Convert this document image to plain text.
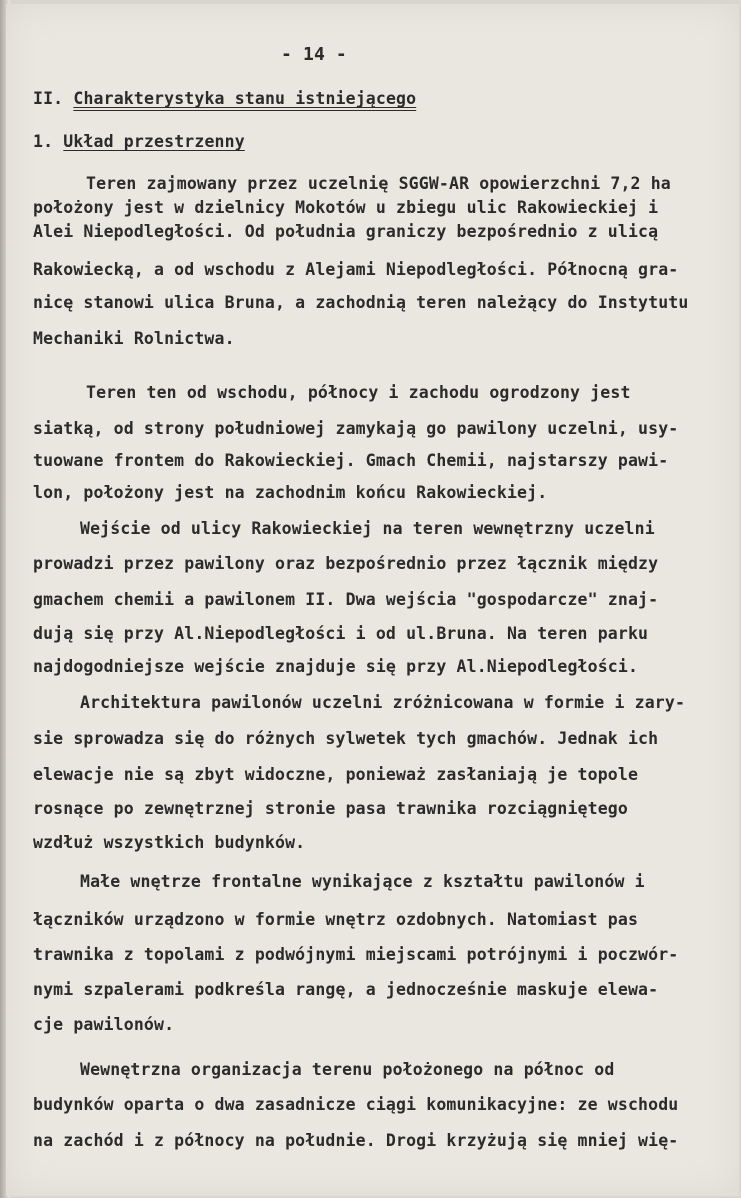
- 14 -
II. Charakterystyka stanu istniejącego
1. Układ przestrzenny
Teren zajmowany przez uczelnię SGGW-AR opowierzchni 7,2 ha
położony jest w dzielnicy Mokotów u zbiegu ulic Rakowieckiej i
Alei Niepodległości. Od południa graniczy bezpośrednio z ulicą
Rakowiecką, a od wschodu z Alejami Niepodległości. Północną gra-
nicę stanowi ulica Bruna, a zachodnią teren należący do Instytutu
Mechaniki Rolnictwa.
Teren ten od wschodu, północy i zachodu ogrodzony jest
siatką, od strony południowej zamykają go pawilony uczelni, usy-
tuowane frontem do Rakowieckiej. Gmach Chemii, najstarszy pawi-
lon, położony jest na zachodnim końcu Rakowieckiej.
Wejście od ulicy Rakowieckiej na teren wewnętrzny uczelni
prowadzi przez pawilony oraz bezpośrednio przez łącznik między
gmachem chemii a pawilonem II. Dwa wejścia "gospodarcze" znaj-
dują się przy Al.Niepodległości i od ul.Bruna. Na teren parku
najdogodniejsze wejście znajduje się przy Al.Niepodległości.
Architektura pawilonów uczelni zróżnicowana w formie i zary-
sie sprowadza się do różnych sylwetek tych gmachów. Jednak ich
elewacje nie są zbyt widoczne, ponieważ zasłaniają je topole
rosnące po zewnętrznej stronie pasa trawnika rozciągniętego
wzdłuż wszystkich budynków.
Małe wnętrze frontalne wynikające z kształtu pawilonów i
łączników urządzono w formie wnętrz ozdobnych. Natomiast pas
trawnika z topolami z podwójnymi miejscami potrójnymi i poczwór-
nymi szpalerami podkreśla rangę, a jednocześnie maskuje elewa-
cje pawilonów.
Wewnętrzna organizacja terenu położonego na północ od
budynków oparta o dwa zasadnicze ciągi komunikacyjne: ze wschodu
na zachód i z północy na południe. Drogi krzyżują się mniej wię-
